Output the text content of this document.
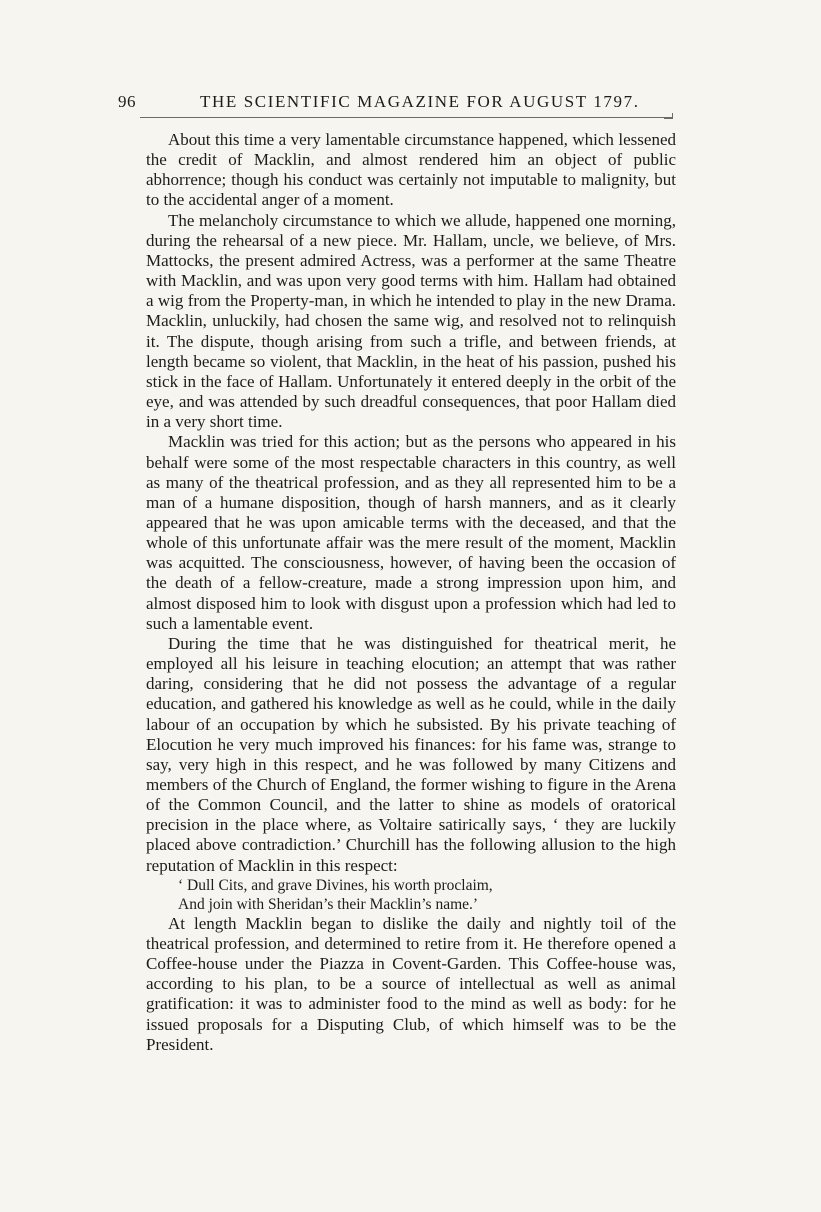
96	THE SCIENTIFIC MAGAZINE FOR AUGUST 1797.

About this time a very lamentable circumstance happened, which lessened the credit of Macklin, and almost rendered him an object of public abhorrence; though his conduct was certainly not imputable to malignity, but to the accidental anger of a moment.

The melancholy circumstance to which we allude, happened one morning, during the rehearsal of a new piece. Mr. Hallam, uncle, we believe, of Mrs. Mattocks, the present admired Actress, was a performer at the same Theatre with Macklin, and was upon very good terms with him. Hallam had obtained a wig from the Property-man, in which he intended to play in the new Drama. Macklin, unluckily, had chosen the same wig, and resolved not to relinquish it. The dispute, though arising from such a trifle, and between friends, at length became so violent, that Macklin, in the heat of his passion, pushed his stick in the face of Hallam. Unfortunately it entered deeply in the orbit of the eye, and was attended by such dreadful consequences, that poor Hallam died in a very short time.

Macklin was tried for this action; but as the persons who appeared in his behalf were some of the most respectable characters in this country, as well as many of the theatrical profession, and as they all represented him to be a man of a humane disposition, though of harsh manners, and as it clearly appeared that he was upon amicable terms with the deceased, and that the whole of this unfortunate affair was the mere result of the moment, Macklin was acquitted. The consciousness, however, of having been the occasion of the death of a fellow-creature, made a strong impression upon him, and almost disposed him to look with disgust upon a profession which had led to such a lamentable event.

During the time that he was distinguished for theatrical merit, he employed all his leisure in teaching elocution; an attempt that was rather daring, considering that he did not possess the advantage of a regular education, and gathered his knowledge as well as he could, while in the daily labour of an occupation by which he subsisted. By his private teaching of Elocution he very much improved his finances: for his fame was, strange to say, very high in this respect, and he was followed by many Citizens and members of the Church of England, the former wishing to figure in the Arena of the Common Council, and the latter to shine as models of oratorical precision in the place where, as Voltaire satirically says, ‘ they are luckily placed above contradiction.’ Churchill has the following allusion to the high reputation of Macklin in this respect:

‘ Dull Cits, and grave Divines, his worth proclaim,
And join with Sheridan’s their Macklin’s name.’

At length Macklin began to dislike the daily and nightly toil of the theatrical profession, and determined to retire from it. He therefore opened a Coffee-house under the Piazza in Covent-Garden. This Coffee-house was, according to his plan, to be a source of intellectual as well as animal gratification: it was to administer food to the mind as well as body: for he issued proposals for a Disputing Club, of which himself was to be the President.
